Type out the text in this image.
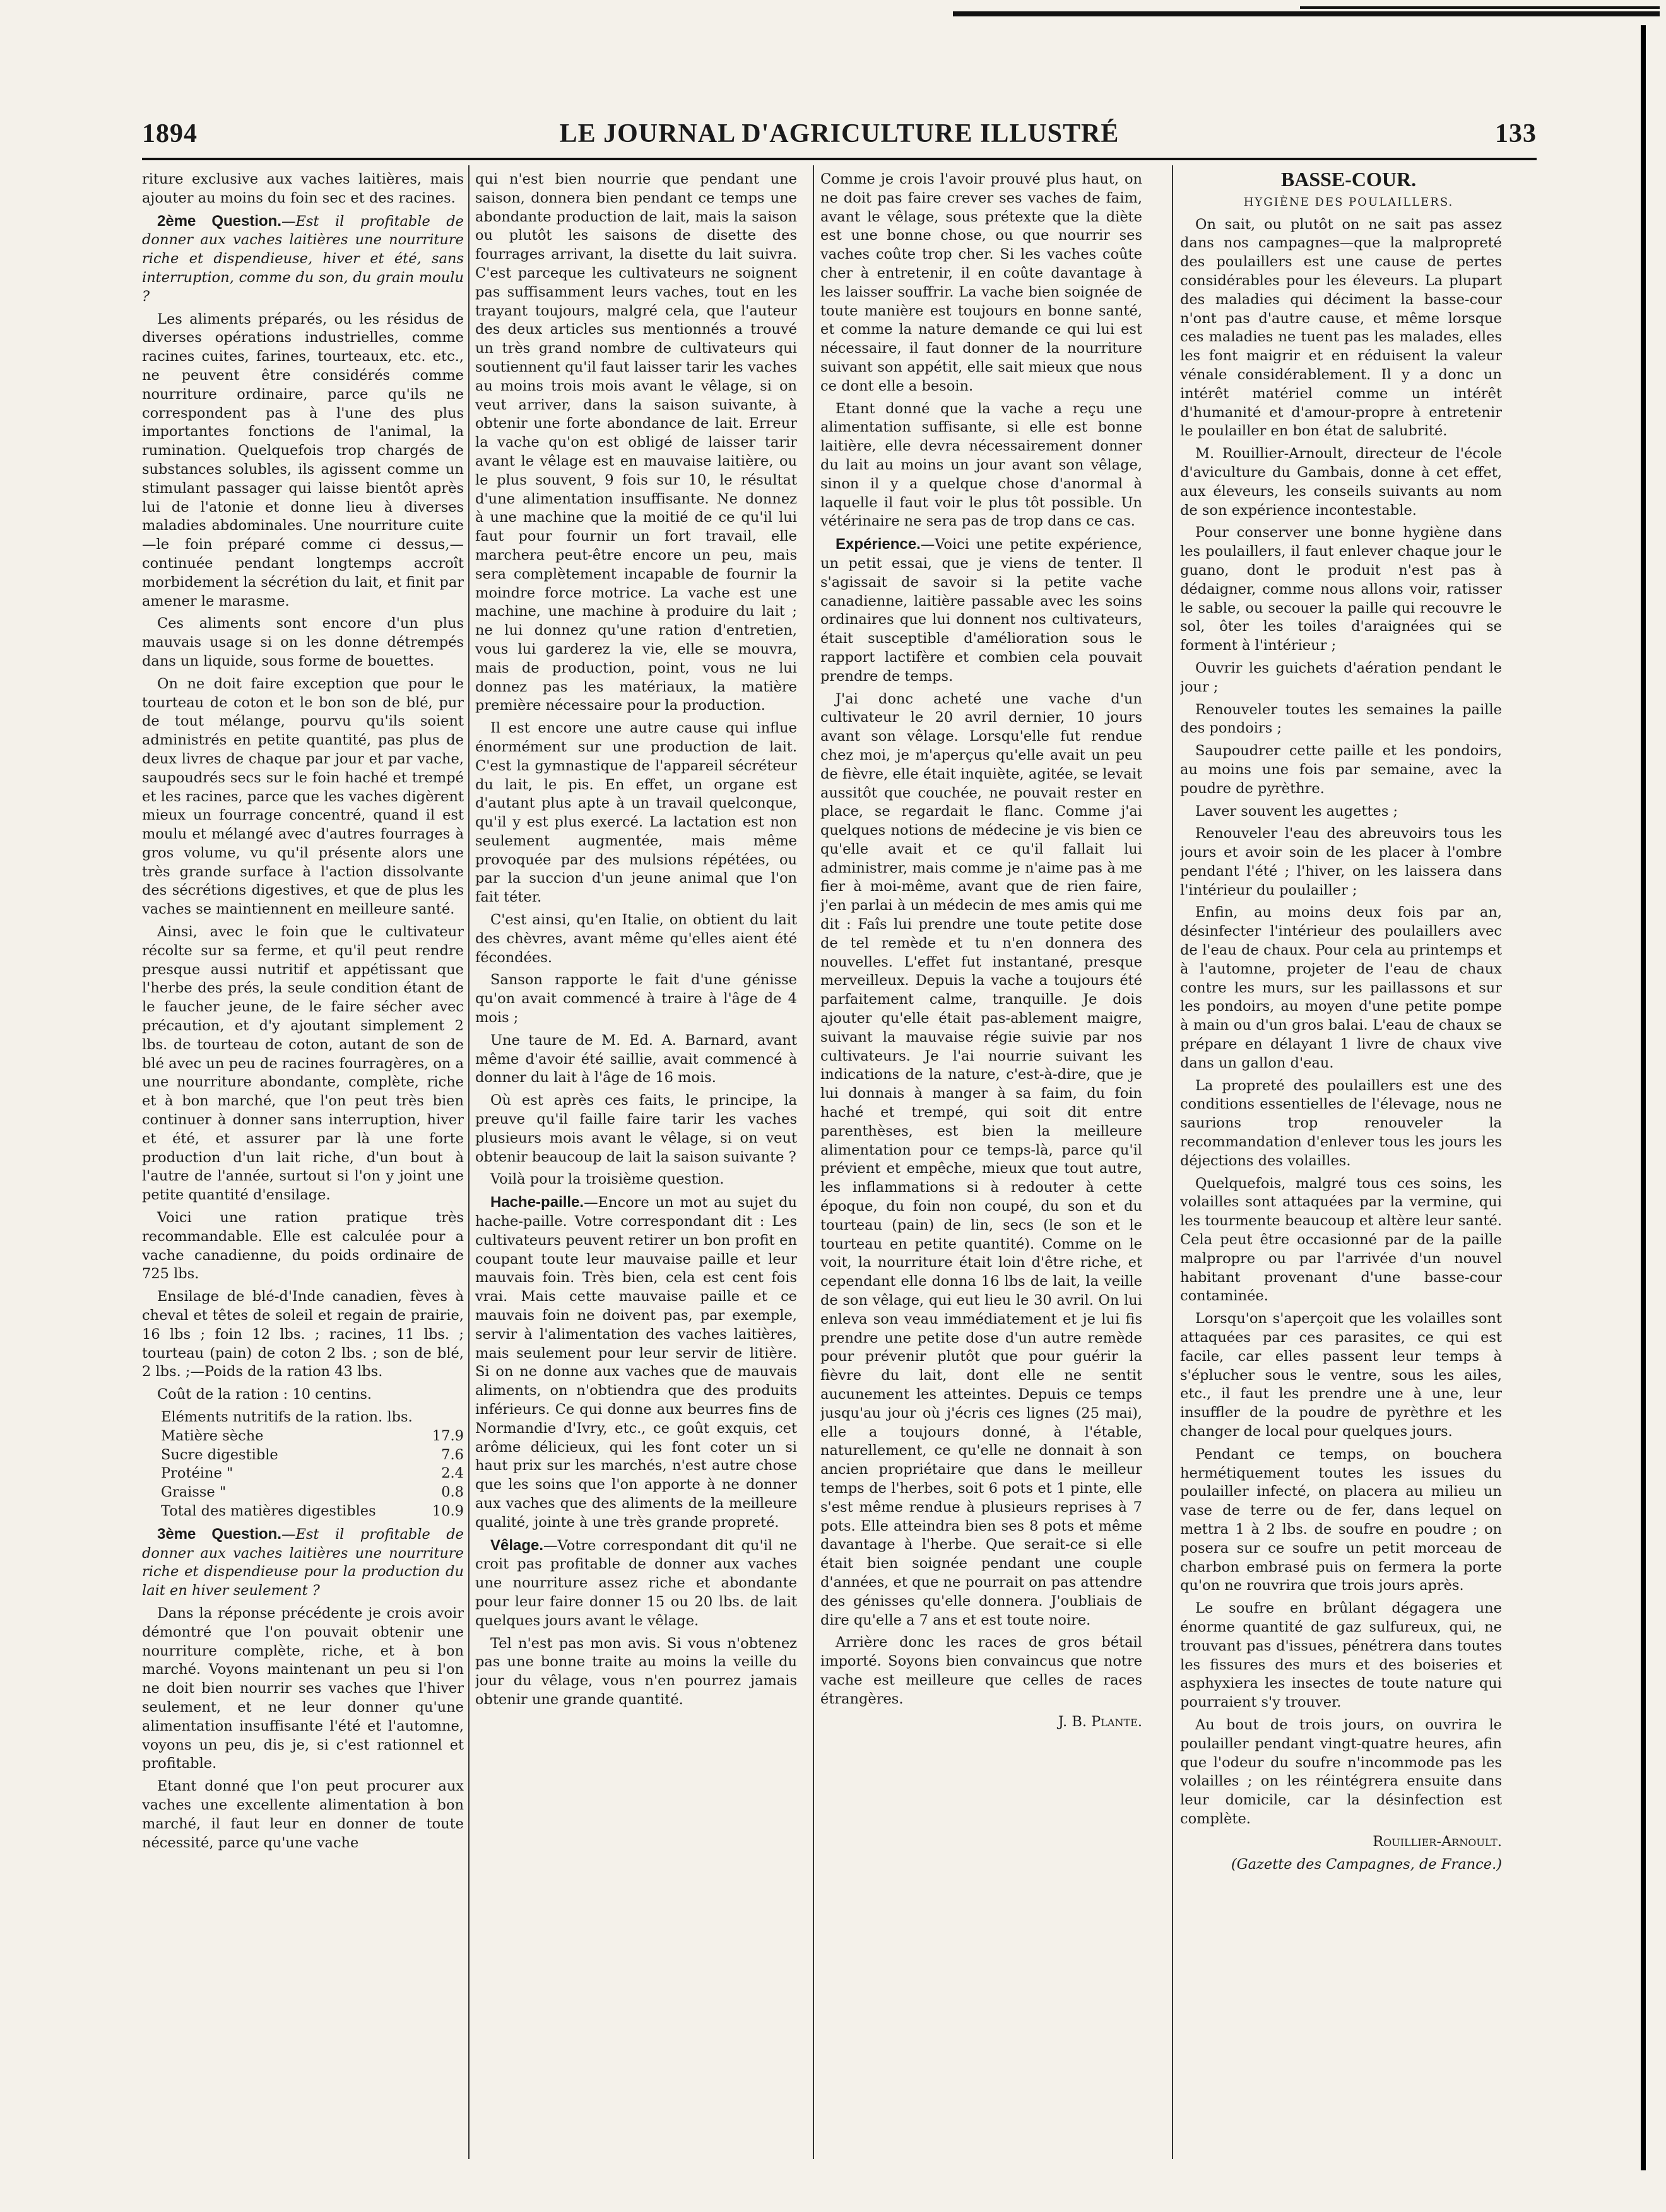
LE JOURNAL D'AGRICULTURE ILLUSTRÉ
1894	133

riture exclusive aux vaches laitières, mais ajouter au moins du foin sec et des racines.

2ème Question.—Est il profitable de donner aux vaches laitières une nourriture riche et dispendieuse, hiver et été, sans interruption, comme du son, du grain moulu ?

Les aliments préparés, ou les résidus de diverses opérations industrielles, comme racines cuites, farines, tourteaux, etc. etc., ne peuvent être considérés comme nourriture ordinaire, parce qu'ils ne correspondent pas à l'une des plus importantes fonctions de l'animal, la rumination. Quelquefois trop chargés de substances solubles, ils agissent comme un stimulant passager qui laisse bientôt après lui de l'atonie et donne lieu à diverses maladies abdominales. Une nourriture cuite—le foin préparé comme ci dessus,—continuée pendant longtemps accroît morbidement la sécrétion du lait, et finit par amener le marasme.

Ces aliments sont encore d'un plus mauvais usage si on les donne détrempés dans un liquide, sous forme de bouettes.

On ne doit faire exception que pour le tourteau de coton et le bon son de blé, pur de tout mélange, pourvu qu'ils soient administrés en petite quantité, pas plus de deux livres de chaque par jour et par vache, saupoudrés secs sur le foin haché et trempé et les racines, parce que les vaches digèrent mieux un fourrage concentré, quand il est moulu et mélangé avec d'autres fourrages à gros volume, vu qu'il présente alors une très grande surface à l'action dissolvante des sécrétions digestives, et que de plus les vaches se maintiennent en meilleure santé.

Ainsi, avec le foin que le cultivateur récolte sur sa ferme, et qu'il peut rendre presque aussi nutritif et appétissant que l'herbe des prés, la seule condition étant de le faucher jeune, de le faire sécher avec précaution, et d'y ajoutant simplement 2 lbs. de tourteau de coton, autant de son de blé avec un peu de racines fourragères, on a une nourriture abondante, complète, riche et à bon marché, que l'on peut très bien continuer à donner sans interruption, hiver et été, et assurer par là une forte production d'un lait riche, d'un bout à l'autre de l'année, surtout si l'on y joint une petite quantité d'ensilage.

Voici une ration pratique très recommandable. Elle est calculée pour a vache canadienne, du poids ordinaire de 725 lbs.

Ensilage de blé-d'Inde canadien, fèves à cheval et têtes de soleil et regain de prairie, 16 lbs ; foin 12 lbs. ; racines, 11 lbs. ; tourteau (pain) de coton 2 lbs. ; son de blé, 2 lbs. ;—Poids de la ration 43 lbs.

Coût de la ration : 10 centins.

Eléments nutritifs de la ration. lbs.
Matière sèche	17.9
Sucre digestible	7.6
Protéine "	2.4
Graisse "	0.8
Total des matières digestibles	10.9

3ème Question.—Est il profitable de donner aux vaches laitières une nourriture riche et dispendieuse pour la production du lait en hiver seulement ?

Dans la réponse précédente je crois avoir démontré que l'on pouvait obtenir une nourriture complète, riche, et à bon marché. Voyons maintenant un peu si l'on ne doit bien nourrir ses vaches que l'hiver seulement, et ne leur donner qu'une alimentation insuffisante l'été et l'automne, voyons un peu, dis je, si c'est rationnel et profitable.

Etant donné que l'on peut procurer aux vaches une excellente alimentation à bon marché, il faut leur en donner de toute nécessité, parce qu'une vache

qui n'est bien nourrie que pendant une saison, donnera bien pendant ce temps une abondante production de lait, mais la saison ou plutôt les saisons de disette des fourrages arrivant, la disette du lait suivra. C'est parceque les cultivateurs ne soignent pas suffisamment leurs vaches, tout en les trayant toujours, malgré cela, que l'auteur des deux articles sus mentionnés a trouvé un très grand nombre de cultivateurs qui soutiennent qu'il faut laisser tarir les vaches au moins trois mois avant le vêlage, si on veut arriver, dans la saison suivante, à obtenir une forte abondance de lait. Erreur la vache qu'on est obligé de laisser tarir avant le vêlage est en mauvaise laitière, ou le plus souvent, 9 fois sur 10, le résultat d'une alimentation insuffisante. Ne donnez à une machine que la moitié de ce qu'il lui faut pour fournir un fort travail, elle marchera peut-être encore un peu, mais sera complètement incapable de fournir la moindre force motrice. La vache est une machine, une machine à produire du lait ; ne lui donnez qu'une ration d'entretien, vous lui garderez la vie, elle se mouvra, mais de production, point, vous ne lui donnez pas les matériaux, la matière première nécessaire pour la production.

Il est encore une autre cause qui influe énormément sur une production de lait. C'est la gymnastique de l'appareil sécréteur du lait, le pis. En effet, un organe est d'autant plus apte à un travail quelconque, qu'il y est plus exercé. La lactation est non seulement augmentée, mais même provoquée par des mulsions répétées, ou par la succion d'un jeune animal que l'on fait téter.

C'est ainsi, qu'en Italie, on obtient du lait des chèvres, avant même qu'elles aient été fécondées.

Sanson rapporte le fait d'une génisse qu'on avait commencé à traire à l'âge de 4 mois ;

Une taure de M. Ed. A. Barnard, avant même d'avoir été saillie, avait commencé à donner du lait à l'âge de 16 mois.

Où est après ces faits, le principe, la preuve qu'il faille faire tarir les vaches plusieurs mois avant le vêlage, si on veut obtenir beaucoup de lait la saison suivante ?

Voilà pour la troisième question.

Hache-paille.—Encore un mot au sujet du hache-paille. Votre correspondant dit : Les cultivateurs peuvent retirer un bon profit en coupant toute leur mauvaise paille et leur mauvais foin. Très bien, cela est cent fois vrai. Mais cette mauvaise paille et ce mauvais foin ne doivent pas, par exemple, servir à l'alimentation des vaches laitières, mais seulement pour leur servir de litière. Si on ne donne aux vaches que de mauvais aliments, on n'obtiendra que des produits inférieurs. Ce qui donne aux beurres fins de Normandie d'Ivry, etc., ce goût exquis, cet arôme délicieux, qui les font coter un si haut prix sur les marchés, n'est autre chose que les soins que l'on apporte à ne donner aux vaches que des aliments de la meilleure qualité, jointe à une très grande propreté.

Vêlage.—Votre correspondant dit qu'il ne croit pas profitable de donner aux vaches une nourriture assez riche et abondante pour leur faire donner 15 ou 20 lbs. de lait quelques jours avant le vêlage.

Tel n'est pas mon avis. Si vous n'obtenez pas une bonne traite au moins la veille du jour du vêlage, vous n'en pourrez jamais obtenir une grande quantité.

Comme je crois l'avoir prouvé plus haut, on ne doit pas faire crever ses vaches de faim, avant le vêlage, sous prétexte que la diète est une bonne chose, ou que nourrir ses vaches coûte trop cher. Si les vaches coûte cher à entretenir, il en coûte davantage à les laisser souffrir. La vache bien soignée de toute manière est toujours en bonne santé, et comme la nature demande ce qui lui est nécessaire, il faut donner de la nourriture suivant son appétit, elle sait mieux que nous ce dont elle a besoin.

Etant donné que la vache a reçu une alimentation suffisante, si elle est bonne laitière, elle devra nécessairement donner du lait au moins un jour avant son vêlage, sinon il y a quelque chose d'anormal à laquelle il faut voir le plus tôt possible. Un vétérinaire ne sera pas de trop dans ce cas.

Expérience.—Voici une petite expérience, un petit essai, que je viens de tenter. Il s'agissait de savoir si la petite vache canadienne, laitière passable avec les soins ordinaires que lui donnent nos cultivateurs, était susceptible d'amélioration sous le rapport lactifère et combien cela pouvait prendre de temps.

J'ai donc acheté une vache d'un cultivateur le 20 avril dernier, 10 jours avant son vêlage. Lorsqu'elle fut rendue chez moi, je m'aperçus qu'elle avait un peu de fièvre, elle était inquiète, agitée, se levait aussitôt que couchée, ne pouvait rester en place, se regardait le flanc. Comme j'ai quelques notions de médecine je vis bien ce qu'elle avait et ce qu'il fallait lui administrer, mais comme je n'aime pas à me fier à moi-même, avant que de rien faire, j'en parlai à un médecin de mes amis qui me dit : Faîs lui prendre une toute petite dose de tel remède et tu n'en donnera des nouvelles. L'effet fut instantané, presque merveilleux. Depuis la vache a toujours été parfaitement calme, tranquille. Je dois ajouter qu'elle était pas-ablement maigre, suivant la mauvaise régie suivie par nos cultivateurs. Je l'ai nourrie suivant les indications de la nature, c'est-à-dire, que je lui donnais à manger à sa faim, du foin haché et trempé, qui soit dit entre parenthèses, est bien la meilleure alimentation pour ce temps-là, parce qu'il prévient et empêche, mieux que tout autre, les inflammations si à redouter à cette époque, du foin non coupé, du son et du tourteau (pain) de lin, secs (le son et le tourteau en petite quantité). Comme on le voit, la nourriture était loin d'être riche, et cependant elle donna 16 lbs de lait, la veille de son vêlage, qui eut lieu le 30 avril. On lui enleva son veau immédiatement et je lui fis prendre une petite dose d'un autre remède pour prévenir plutôt que pour guérir la fièvre du lait, dont elle ne sentit aucunement les atteintes. Depuis ce temps jusqu'au jour où j'écris ces lignes (25 mai), elle a toujours donné, à l'étable, naturellement, ce qu'elle ne donnait à son ancien propriétaire que dans le meilleur temps de l'herbes, soit 6 pots et 1 pinte, elle s'est même rendue à plusieurs reprises à 7 pots. Elle atteindra bien ses 8 pots et même davantage à l'herbe. Que serait-ce si elle était bien soignée pendant une couple d'années, et que ne pourrait on pas attendre des génisses qu'elle donnera. J'oubliais de dire qu'elle a 7 ans et est toute noire.

Arrière donc les races de gros bétail importé. Soyons bien convaincus que notre vache est meilleure que celles de races étrangères.

J. B. Plante.

BASSE-COUR.

HYGIÈNE DES POULAILLERS.

On sait, ou plutôt on ne sait pas assez dans nos campagnes—que la malpropreté des poulaillers est une cause de pertes considérables pour les éleveurs. La plupart des maladies qui déciment la basse-cour n'ont pas d'autre cause, et même lorsque ces maladies ne tuent pas les malades, elles les font maigrir et en réduisent la valeur vénale considérablement. Il y a donc un intérêt matériel comme un intérêt d'humanité et d'amour-propre à entretenir le poulailler en bon état de salubrité.

M. Rouillier-Arnoult, directeur de l'école d'aviculture du Gambais, donne à cet effet, aux éleveurs, les conseils suivants au nom de son expérience incontestable.

Pour conserver une bonne hygiène dans les poulaillers, il faut enlever chaque jour le guano, dont le produit n'est pas à dédaigner, comme nous allons voir, ratisser le sable, ou secouer la paille qui recouvre le sol, ôter les toiles d'araignées qui se forment à l'intérieur ;

Ouvrir les guichets d'aération pendant le jour ;

Renouveler toutes les semaines la paille des pondoirs ;

Saupoudrer cette paille et les pondoirs, au moins une fois par semaine, avec la poudre de pyrèthre.

Laver souvent les augettes ;

Renouveler l'eau des abreuvoirs tous les jours et avoir soin de les placer à l'ombre pendant l'été ; l'hiver, on les laissera dans l'intérieur du poulailler ;

Enfin, au moins deux fois par an, désinfecter l'intérieur des poulaillers avec de l'eau de chaux. Pour cela au printemps et à l'automne, projeter de l'eau de chaux contre les murs, sur les paillassons et sur les pondoirs, au moyen d'une petite pompe à main ou d'un gros balai. L'eau de chaux se prépare en délayant 1 livre de chaux vive dans un gallon d'eau.

La propreté des poulaillers est une des conditions essentielles de l'élevage, nous ne saurions trop renouveler la recommandation d'enlever tous les jours les déjections des volailles.

Quelquefois, malgré tous ces soins, les volailles sont attaquées par la vermine, qui les tourmente beaucoup et altère leur santé. Cela peut être occasionné par de la paille malpropre ou par l'arrivée d'un nouvel habitant provenant d'une basse-cour contaminée.

Lorsqu'on s'aperçoit que les volailles sont attaquées par ces parasites, ce qui est facile, car elles passent leur temps à s'éplucher sous le ventre, sous les ailes, etc., il faut les prendre une à une, leur insuffler de la poudre de pyrèthre et les changer de local pour quelques jours.

Pendant ce temps, on bouchera hermétiquement toutes les issues du poulailler infecté, on placera au milieu un vase de terre ou de fer, dans lequel on mettra 1 à 2 lbs. de soufre en poudre ; on posera sur ce soufre un petit morceau de charbon embrasé puis on fermera la porte qu'on ne rouvrira que trois jours après.

Le soufre en brûlant dégagera une énorme quantité de gaz sulfureux, qui, ne trouvant pas d'issues, pénétrera dans toutes les fissures des murs et des boiseries et asphyxiera les insectes de toute nature qui pourraient s'y trouver.

Au bout de trois jours, on ouvrira le poulailler pendant vingt-quatre heures, afin que l'odeur du soufre n'incommode pas les volailles ; on les réintégrera ensuite dans leur domicile, car la désinfection est complète.

Rouillier-Arnoult.

(Gazette des Campagnes, de France.)
